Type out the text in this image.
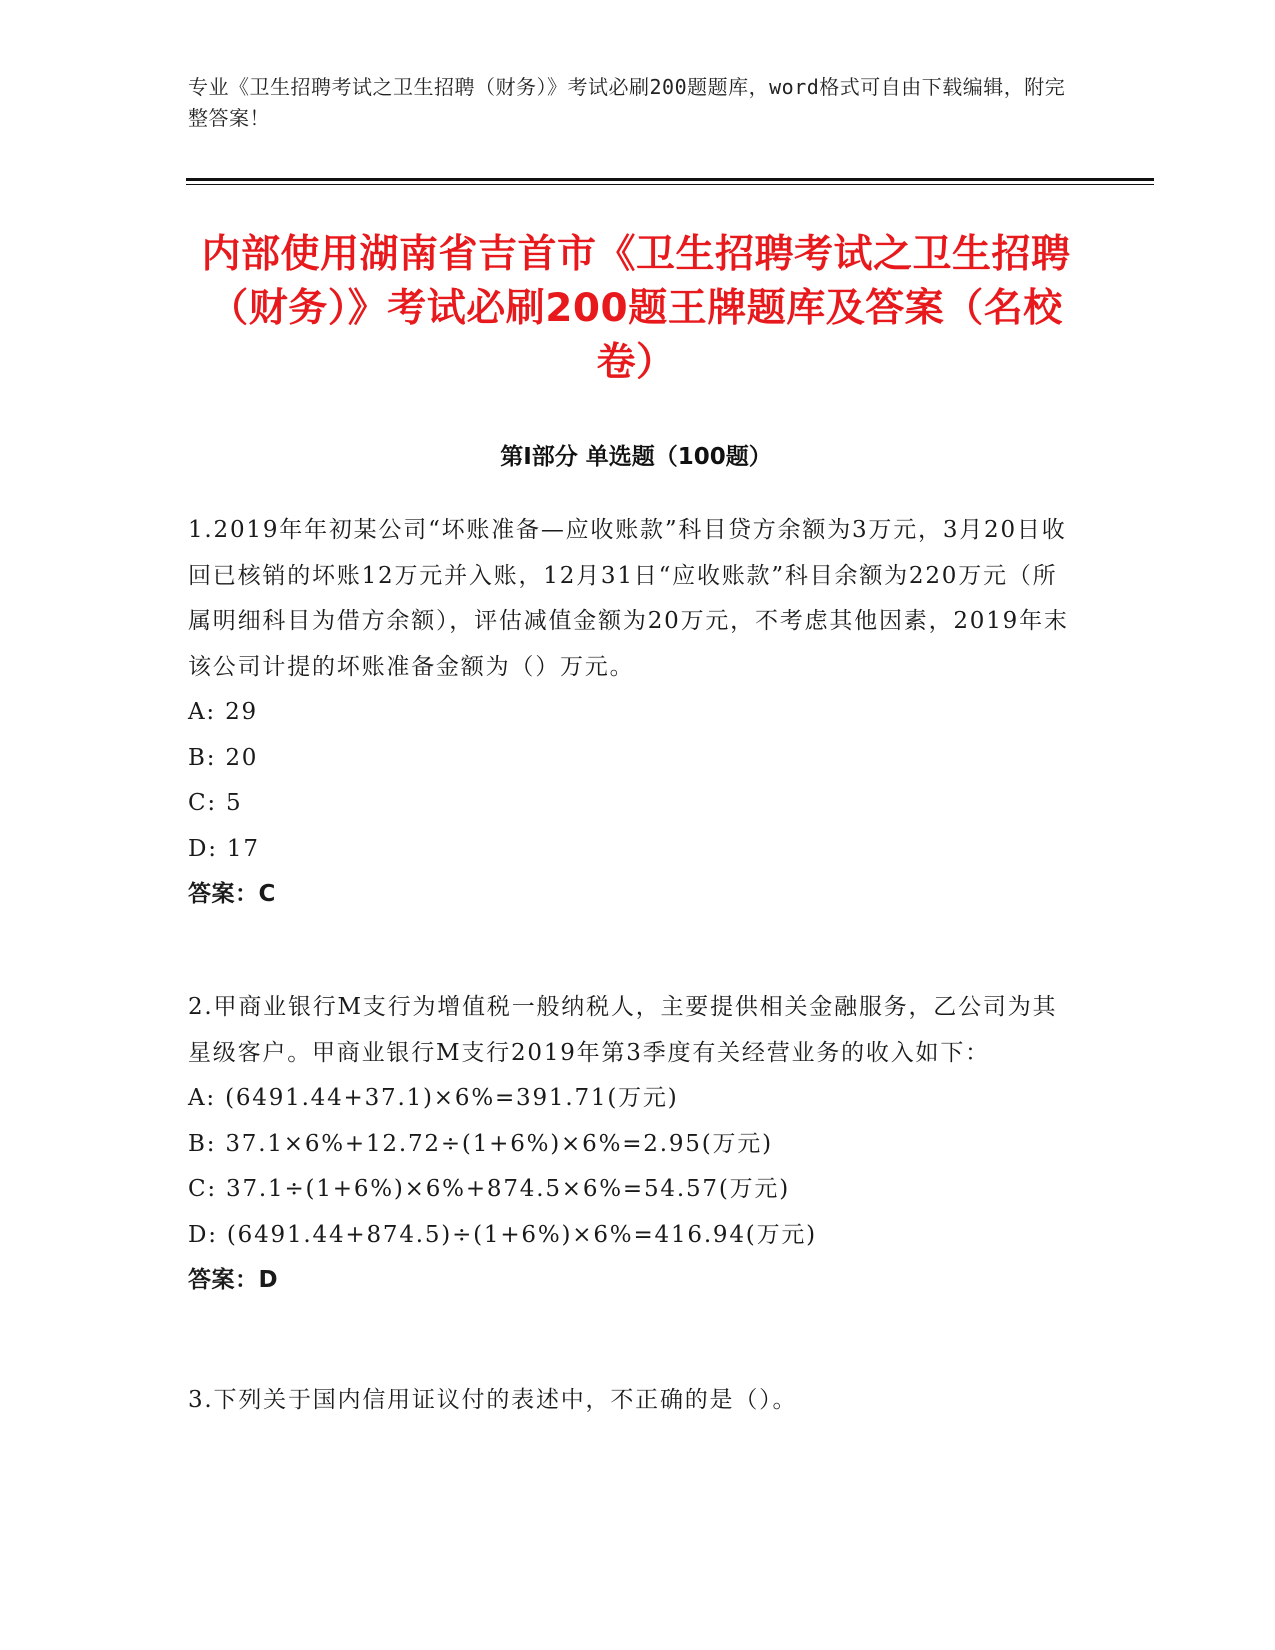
专业《卫生招聘考试之卫生招聘（财务）》考试必刷200题题库，word格式可自由下载编辑，附完整答案！
内部使用湖南省吉首市《卫生招聘考试之卫生招聘（财务）》考试必刷200题王牌题库及答案（名校卷）
第Ⅰ部分 单选题（100题）

1.2019年年初某公司“坏账准备—应收账款”科目贷方余额为3万元，3月20日收回已核销的坏账12万元并入账，12月31日“应收账款”科目余额为220万元（所属明细科目为借方余额），评估减值金额为20万元，不考虑其他因素，2019年末该公司计提的坏账准备金额为（）万元。

A: 29

B: 20

C: 5

D: 17

答案：C

2.甲商业银行M支行为增值税一般纳税人，主要提供相关金融服务，乙公司为其星级客户。甲商业银行M支行2019年第3季度有关经营业务的收入如下：

A: (6491.44+37.1)×6%=391.71(万元)

B: 37.1×6%+12.72÷(1+6%)×6%=2.95(万元)

C: 37.1÷(1+6%)×6%+874.5×6%=54.57(万元)

D: (6491.44+874.5)÷(1+6%)×6%=416.94(万元)

答案：D

3.下列关于国内信用证议付的表述中，不正确的是（）。
